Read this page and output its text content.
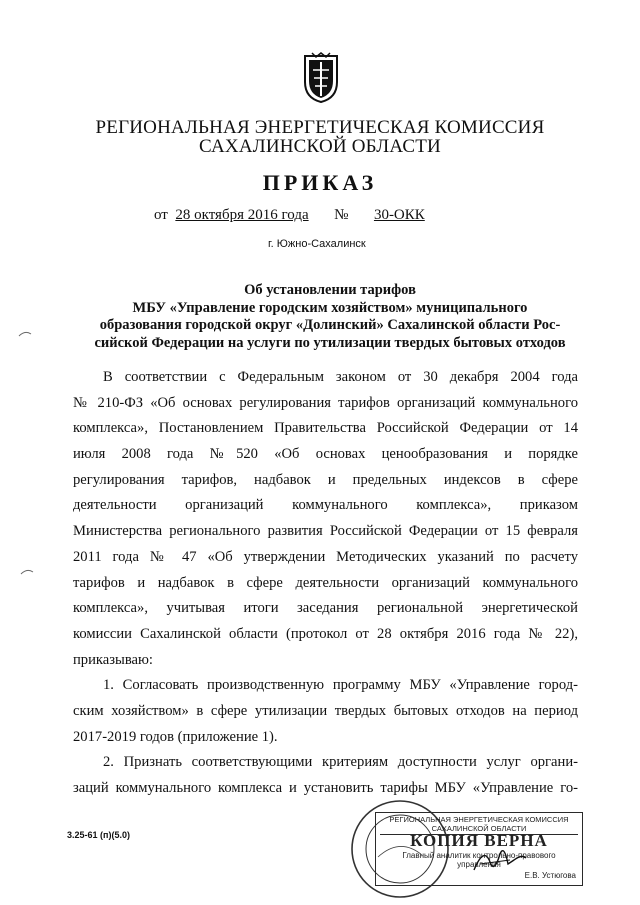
РЕГИОНАЛЬНАЯ ЭНЕРГЕТИЧЕСКАЯ КОМИССИЯ
САХАЛИНСКОЙ ОБЛАСТИ
ПРИКАЗ
от 28 октября 2016 года № 30-ОКК
г. Южно-Сахалинск
Об установлении тарифов
МБУ «Управление городским хозяйством» муниципального
образования городской округ «Долинский» Сахалинской области Рос-
сийской Федерации на услуги по утилизации твердых бытовых отходов
В соответствии с Федеральным законом от 30 декабря 2004 года
№ 210-ФЗ «Об основах регулирования тарифов организаций коммунального
комплекса», Постановлением Правительства Российской Федерации от 14
июля 2008 года №520 «Об основах ценообразования и порядке
регулирования тарифов, надбавок и предельных индексов в сфере
деятельности организаций коммунального комплекса», приказом
Министерства регионального развития Российской Федерации от 15 февраля
2011 года № 47 «Об утверждении Методических указаний по расчету
тарифов и надбавок в сфере деятельности организаций коммунального
комплекса», учитывая итоги заседания региональной энергетической
комиссии Сахалинской области (протокол от 28 октября 2016 года № 22),
приказываю:
1. Согласовать производственную программу МБУ «Управление город-
ским хозяйством» в сфере утилизации твердых бытовых отходов на период
2017-2019 годов (приложение 1).
2. Признать соответствующими критериям доступности услуг органи-
заций коммунального комплекса и установить тарифы МБУ «Управление го-
3.25-61 (п)(5.0)
РЕГИОНАЛЬНАЯ ЭНЕРГЕТИЧЕСКАЯ КОМИССИЯ САХАЛИНСКОЙ ОБЛАСТИ
КОПИЯ ВЕРНА
Главный аналитик контрольно-правового управления
Е.В. Устюгова
